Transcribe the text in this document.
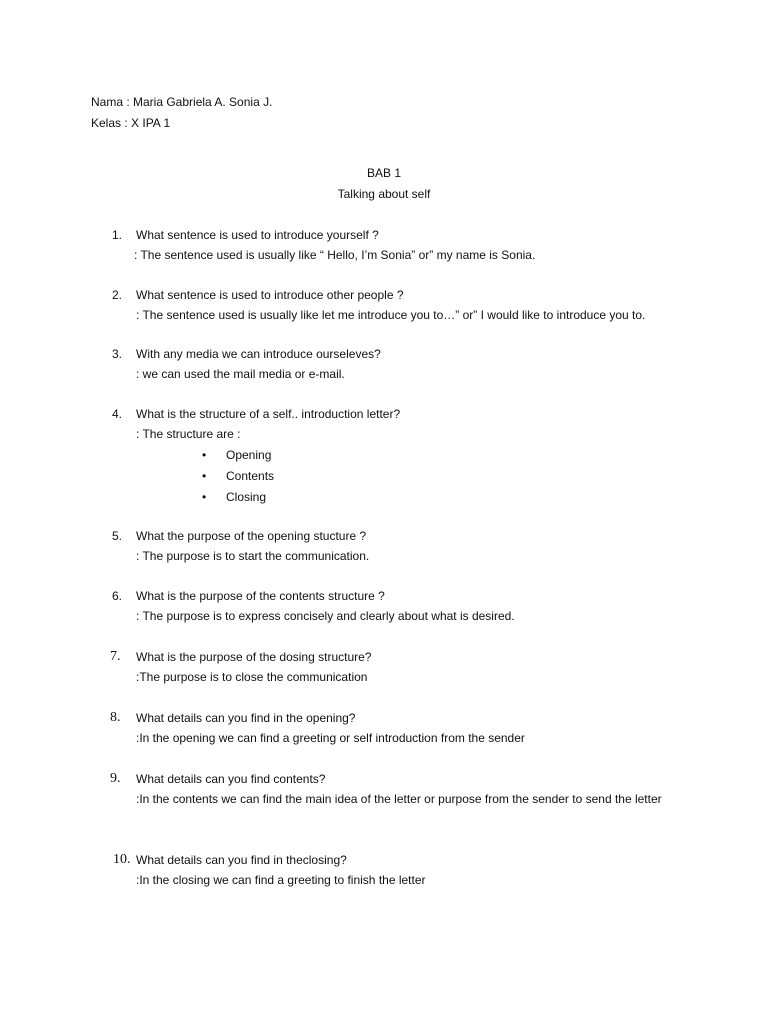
Nama : Maria Gabriela A. Sonia J.
Kelas : X IPA 1
BAB 1
Talking about self
1. What sentence is used to introduce yourself ?
: The sentence used is usually like “ Hello, I’m Sonia” or” my name is Sonia.
2. What sentence is used to introduce other people ?
: The sentence used is usually like let me introduce you to…” or” I would like to introduce you to.
3. With any media we can introduce ourseleves?
: we can used the mail media or e-mail.
4. What is the structure of a self.. introduction letter?
: The structure are :
• Opening
• Contents
• Closing
5. What the purpose of the opening stucture ?
: The purpose is to start the communication.
6. What is the purpose of the contents structure ?
: The purpose is to express concisely and clearly about what is desired.
7. What is the purpose of the dosing structure?
:The purpose is to close the communication
8. What details can you find in the opening?
:In the opening we can find a greeting or self introduction from the sender
9. What details can you find contents?
:In the contents we can find the main idea of the letter or purpose from the sender to send the letter
10. What details can you find in theclosing?
:In the closing we can find a greeting to finish the letter
